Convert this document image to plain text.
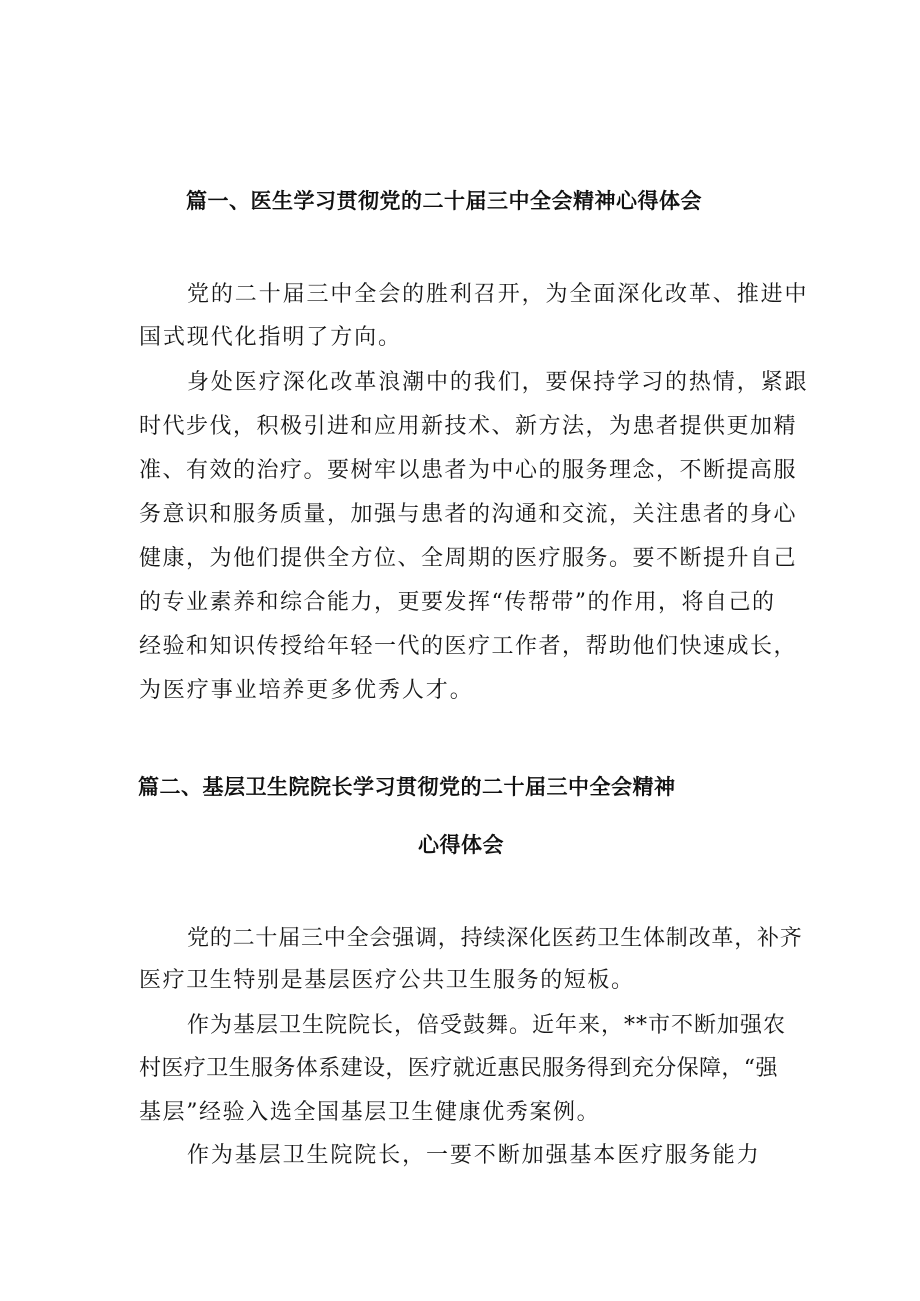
篇一、医生学习贯彻党的二十届三中全会精神心得体会
党的二十届三中全会的胜利召开，为全面深化改革、推进中
国式现代化指明了方向。
身处医疗深化改革浪潮中的我们，要保持学习的热情，紧跟
时代步伐，积极引进和应用新技术、新方法，为患者提供更加精
准、有效的治疗。要树牢以患者为中心的服务理念，不断提高服
务意识和服务质量，加强与患者的沟通和交流，关注患者的身心
健康，为他们提供全方位、全周期的医疗服务。要不断提升自己
的专业素养和综合能力，更要发挥“传帮带”的作用，将自己的
经验和知识传授给年轻一代的医疗工作者，帮助他们快速成长，
为医疗事业培养更多优秀人才。
篇二、基层卫生院院长学习贯彻党的二十届三中全会精神
心得体会
党的二十届三中全会强调，持续深化医药卫生体制改革，补齐
医疗卫生特别是基层医疗公共卫生服务的短板。
作为基层卫生院院长，倍受鼓舞。近年来，**市不断加强农
村医疗卫生服务体系建设，医疗就近惠民服务得到充分保障，“强
基层”经验入选全国基层卫生健康优秀案例。
作为基层卫生院院长，一要不断加强基本医疗服务能力
